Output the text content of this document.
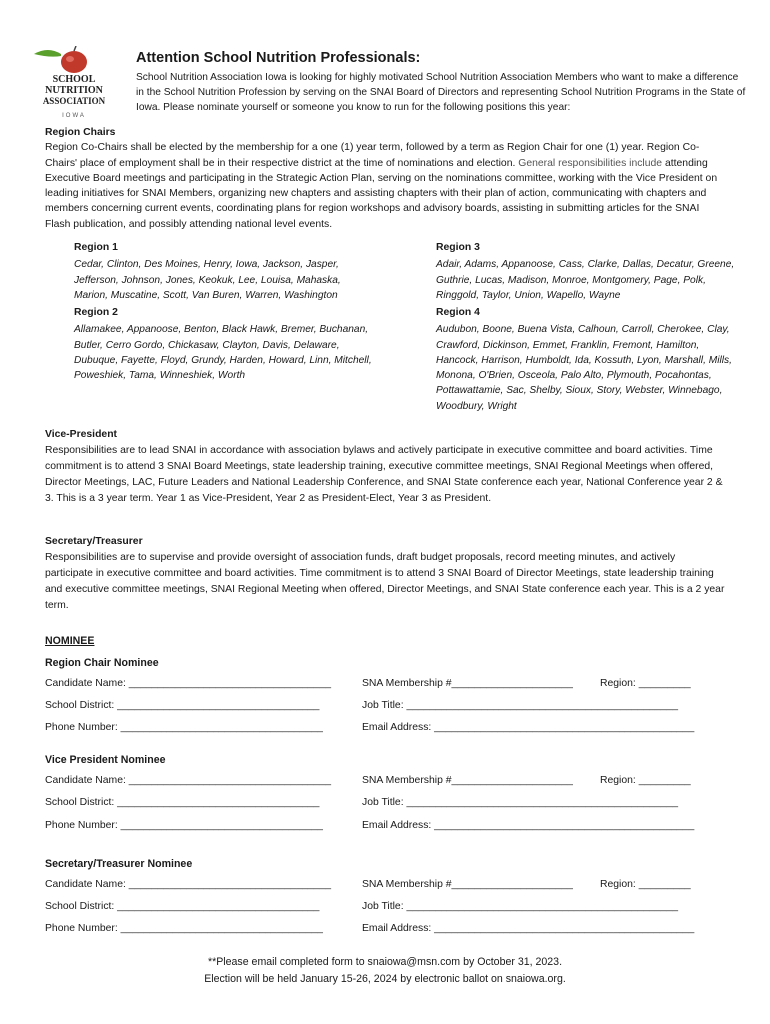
SCHOOL
NUTRITION
ASSOCIATION
IOWA
Attention School Nutrition Professionals:
School Nutrition Association Iowa is looking for highly motivated School Nutrition Association Members who want to make a difference in the School Nutrition Profession by serving on the SNAI Board of Directors and representing School Nutrition Programs in the State of Iowa. Please nominate yourself or someone you know to run for the following positions this year:
Region Chairs
Region Co-Chairs shall be elected by the membership for a one (1) year term, followed by a term as Region Chair for one (1) year. Region Co-Chairs' place of employment shall be in their respective district at the time of nominations and election. General responsibilities include attending Executive Board meetings and participating in the Strategic Action Plan, serving on the nominations committee, working with the Vice President on leading initiatives for SNAI Members, organizing new chapters and assisting chapters with their plan of action, communicating with chapters and members concerning current events, coordinating plans for region workshops and advisory boards, assisting in submitting articles for the SNAI Flash publication, and possibly attending national level events.
Region 1
Cedar, Clinton, Des Moines, Henry, Iowa, Jackson, Jasper, Jefferson, Johnson, Jones, Keokuk, Lee, Louisa, Mahaska, Marion, Muscatine, Scott, Van Buren, Warren, Washington
Region 2
Allamakee, Appanoose, Benton, Black Hawk, Bremer, Buchanan, Butler, Cerro Gordo, Chickasaw, Clayton, Davis, Delaware, Dubuque, Fayette, Floyd, Grundy, Harden, Howard, Linn, Mitchell, Poweshiek, Tama, Winneshiek, Worth
Region 3
Adair, Adams, Appanoose, Cass, Clarke, Dallas, Decatur, Greene, Guthrie, Lucas, Madison, Monroe, Montgomery, Page, Polk, Ringgold, Taylor, Union, Wapello, Wayne
Region 4
Audubon, Boone, Buena Vista, Calhoun, Carroll, Cherokee, Clay, Crawford, Dickinson, Emmet, Franklin, Fremont, Hamilton, Hancock, Harrison, Humboldt, Ida, Kossuth, Lyon, Marshall, Mills, Monona, O'Brien, Osceola, Palo Alto, Plymouth, Pocahontas, Pottawattamie, Sac, Shelby, Sioux, Story, Webster, Winnebago, Woodbury, Wright
Vice-President
Responsibilities are to lead SNAI in accordance with association bylaws and actively participate in executive committee and board activities. Time commitment is to attend 3 SNAI Board Meetings, state leadership training, executive committee meetings, SNAI Regional Meetings when offered, Director Meetings, LAC, Future Leaders and National Leadership Conference, and SNAI State conference each year, National Conference year 2 & 3. This is a 3 year term. Year 1 as Vice-President, Year 2 as President-Elect, Year 3 as President.
Secretary/Treasurer
Responsibilities are to supervise and provide oversight of association funds, draft budget proposals, record meeting minutes, and actively participate in executive committee and board activities. Time commitment is to attend 3 SNAI Board of Director Meetings, state leadership training and executive committee meetings, SNAI Regional Meeting when offered, Director Meetings, and SNAI State conference each year. This is a 2 year term.
NOMINEE
Region Chair Nominee
Candidate Name: ___________________________________	SNA Membership #_____________________	Region: _________
School District: ___________________________________	Job Title: _______________________________________________
Phone Number: ___________________________________	Email Address: _____________________________________________
Vice President Nominee
Candidate Name: ___________________________________	SNA Membership #_____________________	Region: _________
School District: ___________________________________	Job Title: _______________________________________________
Phone Number: ___________________________________	Email Address: _____________________________________________
Secretary/Treasurer Nominee
Candidate Name: ___________________________________	SNA Membership #_____________________	Region: _________
School District: ___________________________________	Job Title: _______________________________________________
Phone Number: ___________________________________	Email Address: _____________________________________________
**Please email completed form to snaiowa@msn.com by October 31, 2023.
Election will be held January 15-26, 2024 by electronic ballot on snaiowa.org.
